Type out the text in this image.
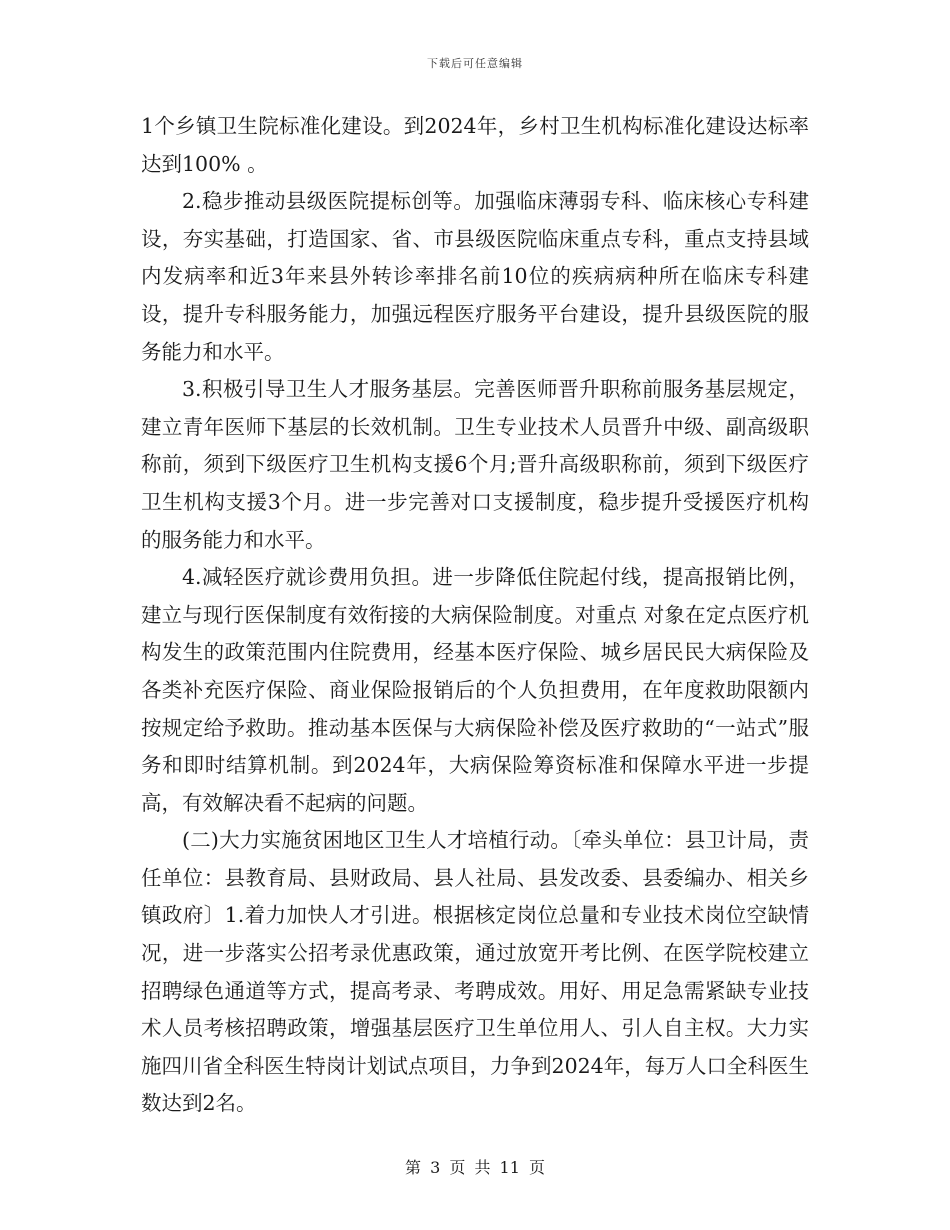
下载后可任意编辑

1个乡镇卫生院标准化建设。到2024年，乡村卫生机构标准化建设达标率达到100% 。

2.稳步推动县级医院提标创等。加强临床薄弱专科、临床核心专科建设，夯实基础，打造国家、省、市县级医院临床重点专科，重点支持县域内发病率和近3年来县外转诊率排名前10位的疾病病种所在临床专科建设，提升专科服务能力，加强远程医疗服务平台建设，提升县级医院的服务能力和水平。

3.积极引导卫生人才服务基层。完善医师晋升职称前服务基层规定，建立青年医师下基层的长效机制。卫生专业技术人员晋升中级、副高级职称前，须到下级医疗卫生机构支援6个月;晋升高级职称前，须到下级医疗卫生机构支援3个月。进一步完善对口支援制度，稳步提升受援医疗机构的服务能力和水平。

4.减轻医疗就诊费用负担。进一步降低住院起付线，提高报销比例，建立与现行医保制度有效衔接的大病保险制度。对重点 对象在定点医疗机构发生的政策范围内住院费用，经基本医疗保险、城乡居民民大病保险及各类补充医疗保险、商业保险报销后的个人负担费用，在年度救助限额内按规定给予救助。推动基本医保与大病保险补偿及医疗救助的“一站式”服务和即时结算机制。到2024年，大病保险筹资标准和保障水平进一步提高，有效解决看不起病的问题。

(二)大力实施贫困地区卫生人才培植行动。〔牵头单位：县卫计局，责任单位：县教育局、县财政局、县人社局、县发改委、县委编办、相关乡镇政府〕1.着力加快人才引进。根据核定岗位总量和专业技术岗位空缺情况，进一步落实公招考录优惠政策，通过放宽开考比例、在医学院校建立招聘绿色通道等方式，提高考录、考聘成效。用好、用足急需紧缺专业技术人员考核招聘政策，增强基层医疗卫生单位用人、引人自主权。大力实施四川省全科医生特岗计划试点项目，力争到2024年，每万人口全科医生数达到2名。

第 3 页 共 11 页
